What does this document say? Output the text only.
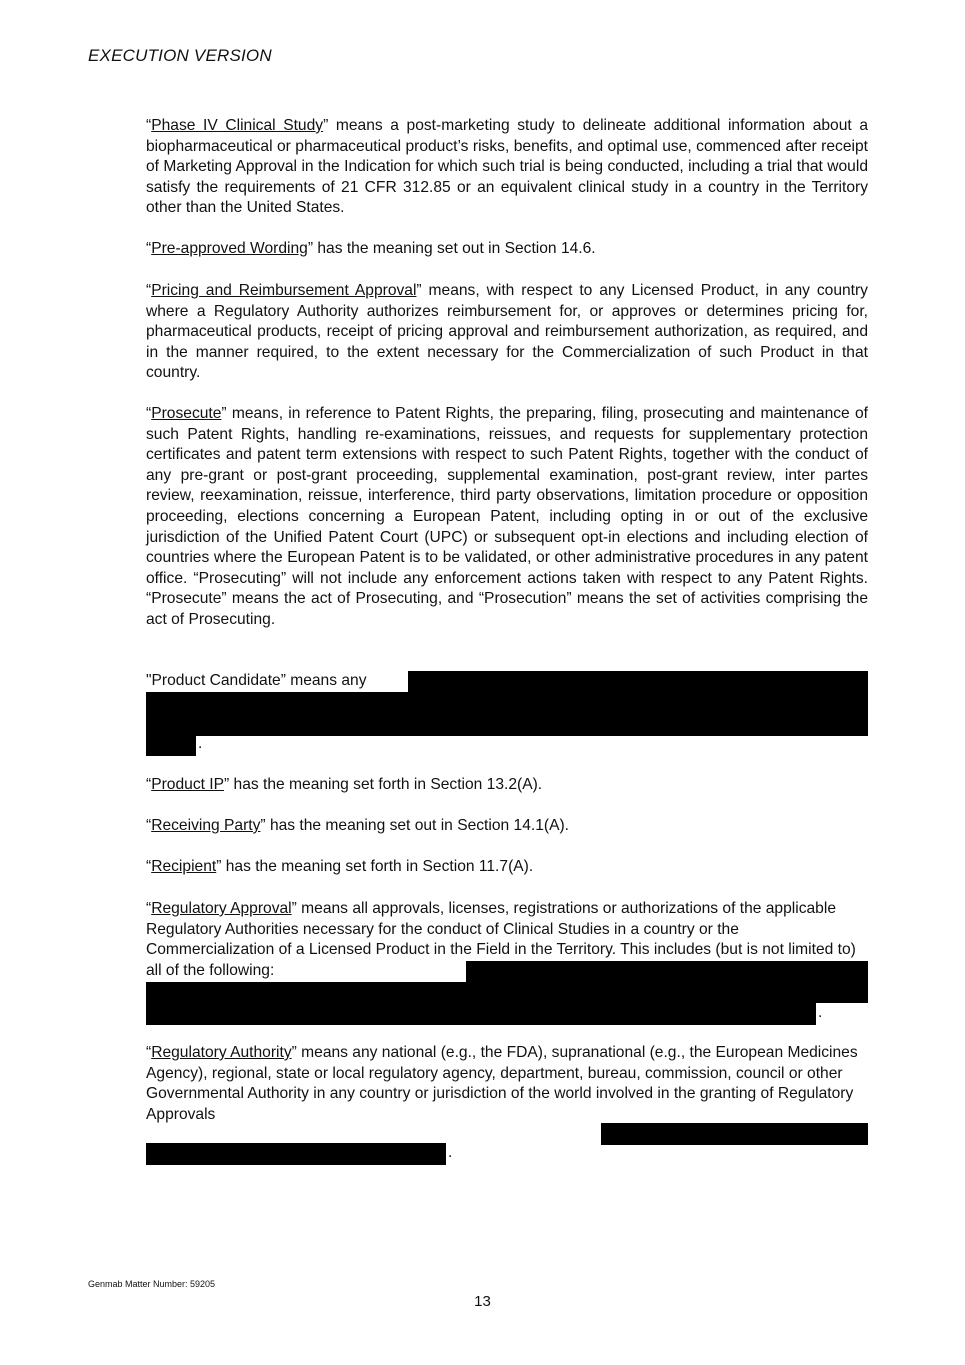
EXECUTION VERSION

“Phase IV Clinical Study” means a post-marketing study to delineate additional information about a biopharmaceutical or pharmaceutical product’s risks, benefits, and optimal use, commenced after receipt of Marketing Approval in the Indication for which such trial is being conducted, including a trial that would satisfy the requirements of 21 CFR 312.85 or an equivalent clinical study in a country in the Territory other than the United States.

“Pre-approved Wording” has the meaning set out in Section 14.6.

“Pricing and Reimbursement Approval” means, with respect to any Licensed Product, in any country where a Regulatory Authority authorizes reimbursement for, or approves or determines pricing for, pharmaceutical products, receipt of pricing approval and reimbursement authorization, as required, and in the manner required, to the extent necessary for the Commercialization of such Product in that country.

“Prosecute” means, in reference to Patent Rights, the preparing, filing, prosecuting and maintenance of such Patent Rights, handling re-examinations, reissues, and requests for supplementary protection certificates and patent term extensions with respect to such Patent Rights, together with the conduct of any pre-grant or post-grant proceeding, supplemental examination, post-grant review, inter partes review, reexamination, reissue, interference, third party observations, limitation procedure or opposition proceeding, elections concerning a European Patent, including opting in or out of the exclusive jurisdiction of the Unified Patent Court (UPC) or subsequent opt-in elections and including election of countries where the European Patent is to be validated, or other administrative procedures in any patent office. “Prosecuting” will not include any enforcement actions taken with respect to any Patent Rights. “Prosecute” means the act of Prosecuting, and “Prosecution” means the set of activities comprising the act of Prosecuting.

"Product Candidate” means any
.

“Product IP” has the meaning set forth in Section 13.2(A).

“Receiving Party” has the meaning set out in Section 14.1(A).

“Recipient” has the meaning set forth in Section 11.7(A).

“Regulatory Approval” means all approvals, licenses, registrations or authorizations of the applicable Regulatory Authorities necessary for the conduct of Clinical Studies in a country or the Commercialization of a Licensed Product in the Field in the Territory. This includes (but is not limited to) all of the following:

.

“Regulatory Authority” means any national (e.g., the FDA), supranational (e.g., the European Medicines Agency), regional, state or local regulatory agency, department, bureau, commission, council or other Governmental Authority in any country or jurisdiction of the world involved in the granting of Regulatory Approvals

.
Genmab Matter Number: 59205
13
